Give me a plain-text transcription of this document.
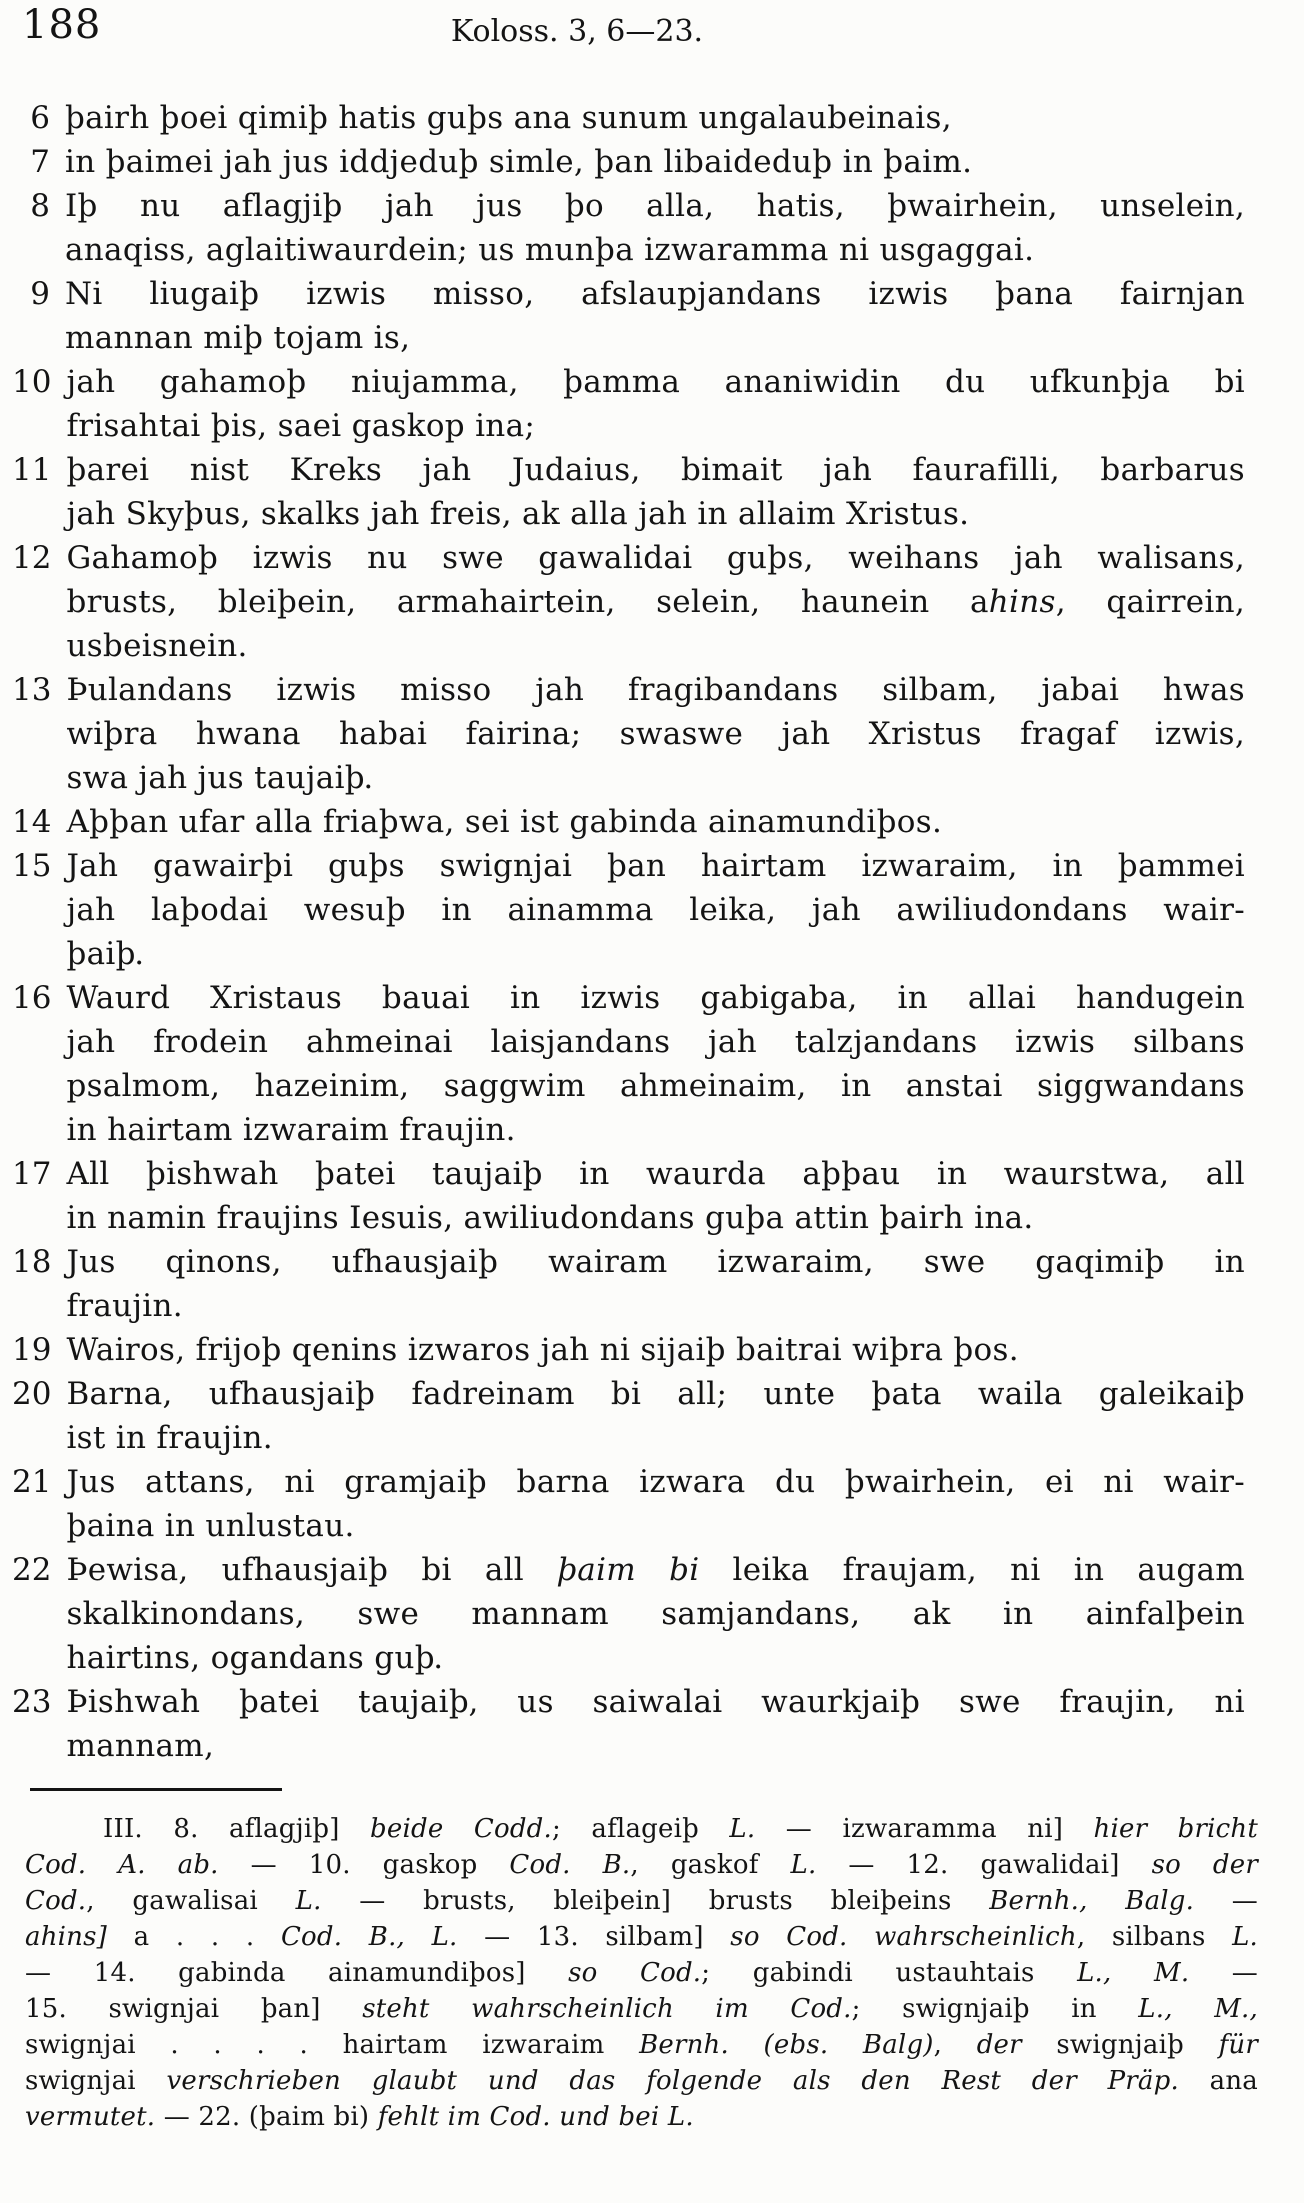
188	Koloss. 3, 6—23.
6 þairh þoei qimiþ hatis guþs ana sunum ungalaubeinais,
7 in þaimei jah jus iddjeduþ simle, þan libaideduþ in þaim.
8 Iþ nu aflagjiþ jah jus þo alla, hatis, þwairhein, unselein,
anaqiss, aglaitiwaurdein; us munþa izwaramma ni usgaggai.
9 Ni liugaiþ izwis misso, afslaupjandans izwis þana fairnjan
mannan miþ tojam is,
10 jah gahamoþ niujamma, þamma ananiwidin du ufkunþja bi
frisahtai þis, saei gaskop ina;
11 þarei nist Kreks jah Judaius, bimait jah faurafilli, barbarus
jah Skyþus, skalks jah freis, ak alla jah in allaim Xristus.
12 Gahamoþ izwis nu swe gawalidai guþs, weihans jah walisans,
brusts, bleiþein, armahairtein, selein, haunein ahins, qairrein,
usbeisnein.
13 Þulandans izwis misso jah fragibandans silbam, jabai hwas
wiþra hwana habai fairina; swaswe jah Xristus fragaf izwis,
swa jah jus taujaiþ.
14 Aþþan ufar alla friaþwa, sei ist gabinda ainamundiþos.
15 Jah gawairþi guþs swignjai þan hairtam izwaraim, in þammei
jah laþodai wesuþ in ainamma leika, jah awiliudondans wair-
þaiþ.
16 Waurd Xristaus bauai in izwis gabigaba, in allai handugein
jah frodein ahmeinai laisjandans jah talzjandans izwis silbans
psalmom, hazeinim, saggwim ahmeinaim, in anstai siggwandans
in hairtam izwaraim fraujin.
17 All þishwah þatei taujaiþ in waurda aþþau in waurstwa, all
in namin fraujins Iesuis, awiliudondans guþa attin þairh ina.
18 Jus qinons, ufhausjaiþ wairam izwaraim, swe gaqimiþ in
fraujin.
19 Wairos, frijoþ qenins izwaros jah ni sijaiþ baitrai wiþra þos.
20 Barna, ufhausjaiþ fadreinam bi all; unte þata waila galeikaiþ
ist in fraujin.
21 Jus attans, ni gramjaiþ barna izwara du þwairhein, ei ni wair-
þaina in unlustau.
22 Þewisa, ufhausjaiþ bi all þaim bi leika fraujam, ni in augam
skalkinondans, swe mannam samjandans, ak in ainfalþein
hairtins, ogandans guþ.
23 Þishwah þatei taujaiþ, us saiwalai waurkjaiþ swe fraujin, ni
mannam,
III. 8. aflagjiþ] beide Codd.; aflageiþ L. — izwaramma ni] hier bricht
Cod. A. ab. — 10. gaskop Cod. B., gaskof L. — 12. gawalidai] so der
Cod., gawalisai L. — brusts, bleiþein] brusts bleiþeins Bernh., Balg. —
ahins] a . . . Cod. B., L. — 13. silbam] so Cod. wahrscheinlich, silbans L.
— 14. gabinda ainamundiþos] so Cod.; gabindi ustauhtais L., M. —
15. swignjai þan] steht wahrscheinlich im Cod.; swignjaiþ in L., M.,
swignjai . . . . hairtam izwaraim Bernh. (ebs. Balg), der swignjaiþ für
swignjai verschrieben glaubt und das folgende als den Rest der Präp. ana
vermutet. — 22. (þaim bi) fehlt im Cod. und bei L.
